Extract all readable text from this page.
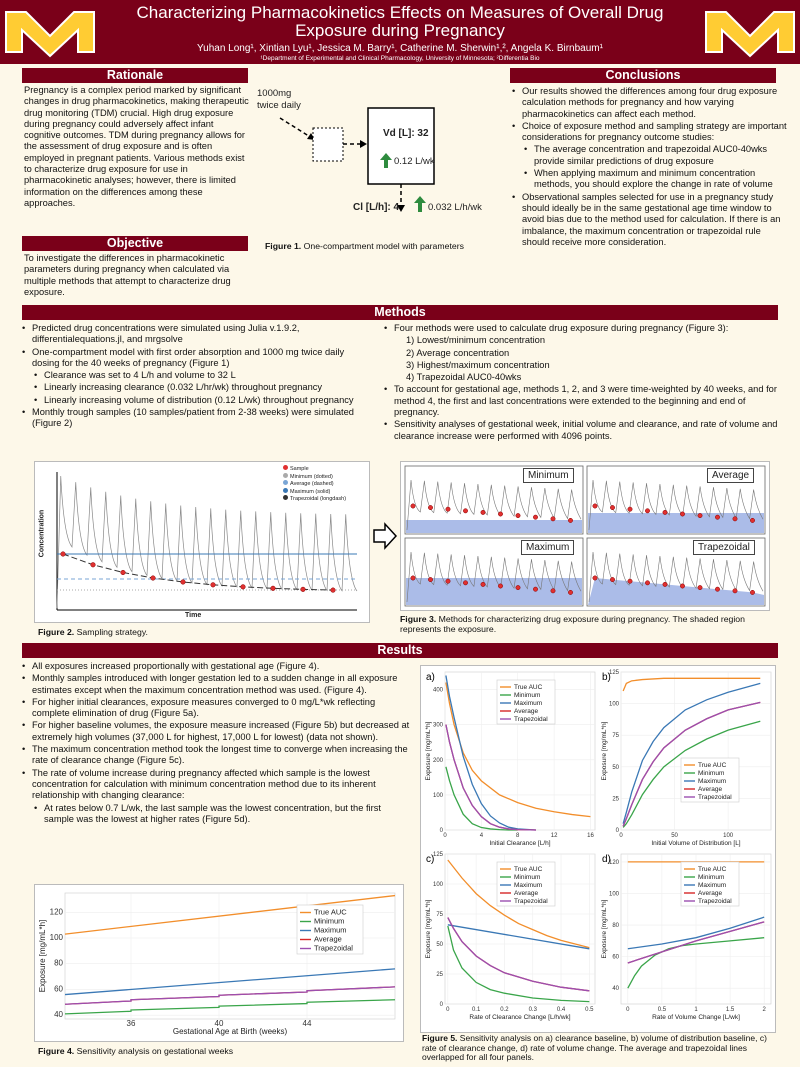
Characterizing Pharmacokinetics Effects on Measures of Overall Drug Exposure during Pregnancy
Yuhan Long¹, Xintian Lyu¹, Jessica M. Barry¹, Catherine M. Sherwin¹,², Angela K. Birnbaum¹
¹Department of Experimental and Clinical Pharmacology, University of Minnesota; ²Differentia Bio
Rationale
Pregnancy is a complex period marked by significant changes in drug pharmacokinetics, making therapeutic drug monitoring (TDM) crucial. High drug exposure during pregnancy could adversely affect infant cognitive outcomes. TDM during pregnancy allows for the assessment of drug exposure and is often employed in pregnant patients. Various methods exist to characterize drug exposure for use in pharmacokinetic analyses; however, there is limited information on the differences among these approaches.
Objective
To investigate the differences in pharmacokinetic parameters during pregnancy when calculated via multiple methods that attempt to characterize drug exposure.
1000mg
twice daily
Vd [L]: 32
0.12 L/wk
Cl [L/h]: 4	0.032 L/h/wk
Figure 1. One-compartment model with parameters
Conclusions
• Our results showed the differences among four drug exposure calculation methods for pregnancy and how varying pharmacokinetics can affect each method.
• Choice of exposure method and sampling strategy are important considerations for pregnancy outcome studies:
• The average concentration and trapezoidal AUC0-40wks provide similar predictions of drug exposure
• When applying maximum and minimum concentration methods, you should explore the change in rate of volume
• Observational samples selected for use in a pregnancy study should ideally be in the same gestational age time window to avoid bias due to the method used for calculation. If there is an imbalance, the maximum concentration or trapezoidal rule should receive more consideration.
Methods
• Predicted drug concentrations were simulated using Julia v.1.9.2, differentialequations.jl, and mrgsolve
• One-compartment model with first order absorption and 1000 mg twice daily dosing for the 40 weeks of pregnancy (Figure 1)
• Clearance was set to 4 L/h and volume to 32 L
• Linearly increasing clearance (0.032 L/hr/wk) throughout pregnancy
• Linearly increasing volume of distribution (0.12 L/wk) throughout pregnancy
• Monthly trough samples (10 samples/patient from 2-38 weeks) were simulated (Figure 2)
• Four methods were used to calculate drug exposure during pregnancy (Figure 3):
1) Lowest/minimum concentration
2) Average concentration
3) Highest/maximum concentration
4) Trapezoidal AUC0-40wks
• To account for gestational age, methods 1, 2, and 3 were time-weighted by 40 weeks, and for method 4, the first and last concentrations were extended to the beginning and end of pregnancy.
• Sensitivity analyses of gestational week, initial volume and clearance, and rate of volume and clearance increase were performed with 4096 points.
Concentration
Time
Sample
Minimum (dotted)
Average (dashed)
Maximum (solid)
Trapezoidal (longdash)
Figure 2. Sampling strategy.
Minimum	Average
Maximum	Trapezoidal
Figure 3. Methods for characterizing drug exposure during pregnancy. The shaded region represents the exposure.
Results
• All exposures increased proportionally with gestational age (Figure 4).
• Monthly samples introduced with longer gestation led to a sudden change in all exposure estimates except when the maximum concentration method was used. (Figure 4).
• For higher initial clearances, exposure measures converged to 0 mg/L*wk reflecting complete elimination of drug (Figure 5a).
• For higher baseline volumes, the exposure measure increased (Figure 5b) but decreased at extremely high volumes (37,000 L for highest, 17,000 L for lowest) (data not shown).
• The maximum concentration method took the longest time to converge when increasing the rate of clearance change (Figure 5c).
• The rate of volume increase during pregnancy affected which sample is the lowest concentration for calculation with minimum concentration method due to its inherent relationship with changing clearance:
• At rates below 0.7 L/wk, the last sample was the lowest concentration, but the first sample was the lowest at higher rates (Figure 5d).
36	40	44
40
60
80
100
120
Gestational Age at Birth (weeks)
Exposure [mg/mL*h]
True AUC
Minimum
Maximum
Average
Trapezoidal
Figure 4. Sensitivity analysis on gestational weeks
0	4	8	12	16
0
100
200
300
400
Initial Clearance [L/h]
Exposure [mg/mL*h]
a)
True AUC
Minimum
Maximum
Average
Trapezoidal
0	50	100
0
25
50
75
100
125
Initial Volume of Distribution [L]
Exposure [mg/mL*h]
b)
True AUC
Minimum
Maximum
Average
Trapezoidal
0	0.1	0.2	0.3	0.4	0.5
0
25
50
75
100
125
Rate of Clearance Change [L/h/wk]
Exposure [mg/mL*h]
c)
True AUC
Minimum
Maximum
Average
Trapezoidal
0	0.5	1	1.5	2
40
60
80
100
120
Rate of Volume Change [L/wk]
Exposure [mg/mL*h]
d)
True AUC
Minimum
Maximum
Average
Trapezoidal
Figure 5. Sensitivity analysis on a) clearance baseline, b) volume of distribution baseline, c) rate of clearance change, d) rate of volume change. The average and trapezoidal lines overlapped for all four panels.
